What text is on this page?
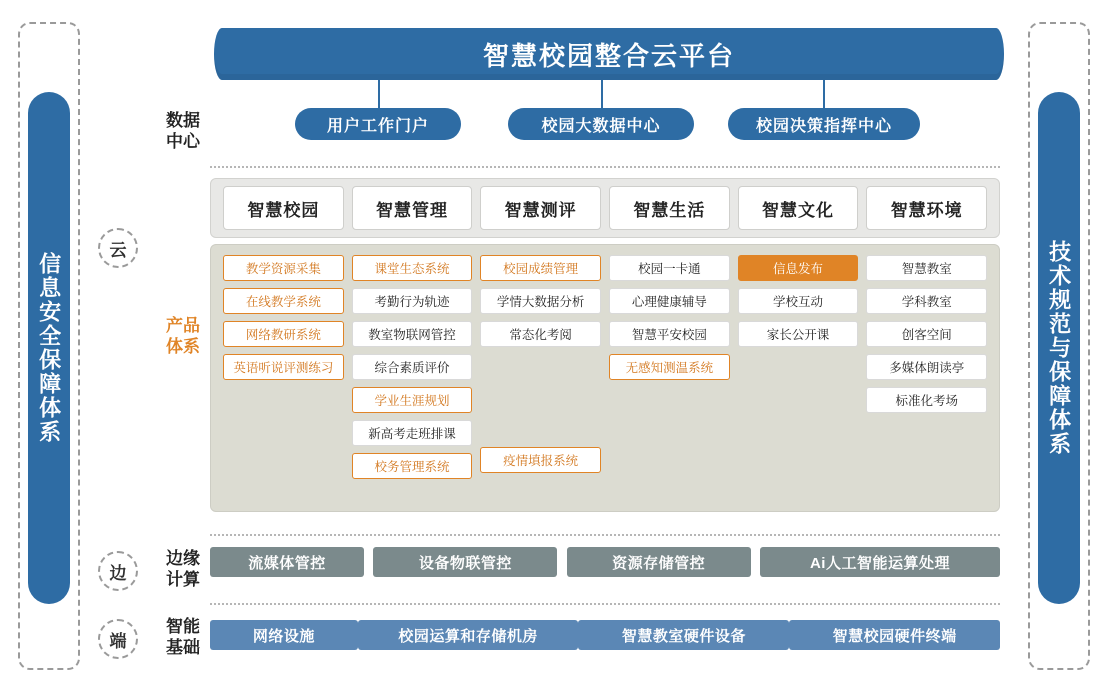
信息安全保障体系	技术规范与保障体系
云
边
端
数据
中心
产品
体系
边缘
计算
智能
基础
智慧校园整合云平台
用户工作门户	校园大数据中心	校园决策指挥中心
智慧校园	智慧管理	智慧测评	智慧生活	智慧文化	智慧环境
教学资源采集
在线教学系统
网络教研系统
英语听说评测练习
课堂生态系统
考勤行为轨迹
教室物联网管控
综合素质评价
学业生涯规划
新高考走班排课
校务管理系统
校园成绩管理
学情大数据分析
常态化考阅
疫情填报系统
校园一卡通
心理健康辅导
智慧平安校园
无感知测温系统
信息发布
学校互动
家长公开课
智慧教室
学科教室
创客空间
多媒体朗读亭
标准化考场
流媒体管控	设备物联管控	资源存储管控	Ai人工智能运算处理
网络设施	校园运算和存储机房	智慧教室硬件设备	智慧校园硬件终端
